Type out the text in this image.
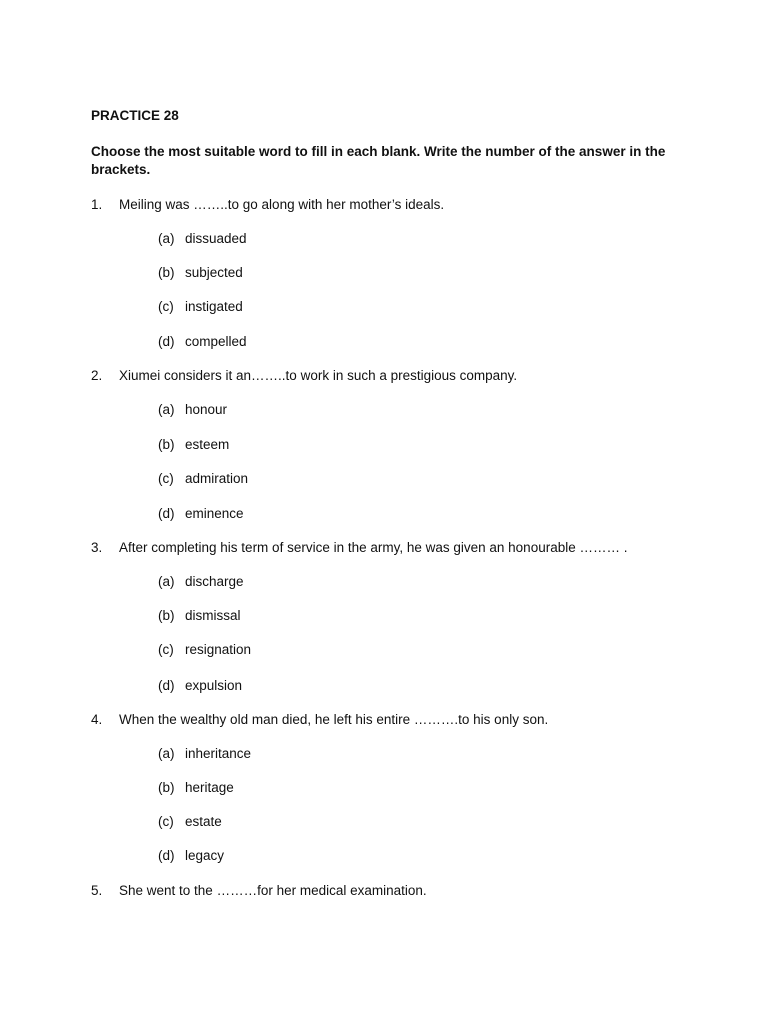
PRACTICE 28

Choose the most suitable word to fill in each blank. Write the number of the answer in the brackets.

1. Meiling was ……..to go along with her mother’s ideals.
(a) dissuaded
(b) subjected
(c) instigated
(d) compelled
2. Xiumei considers it an……..to work in such a prestigious company.
(a) honour
(b) esteem
(c) admiration
(d) eminence
3. After completing his term of service in the army, he was given an honourable ……… .
(a) discharge
(b) dismissal
(c) resignation
(d) expulsion
4. When the wealthy old man died, he left his entire ……….to his only son.
(a) inheritance
(b) heritage
(c) estate
(d) legacy
5. She went to the ………for her medical examination.
